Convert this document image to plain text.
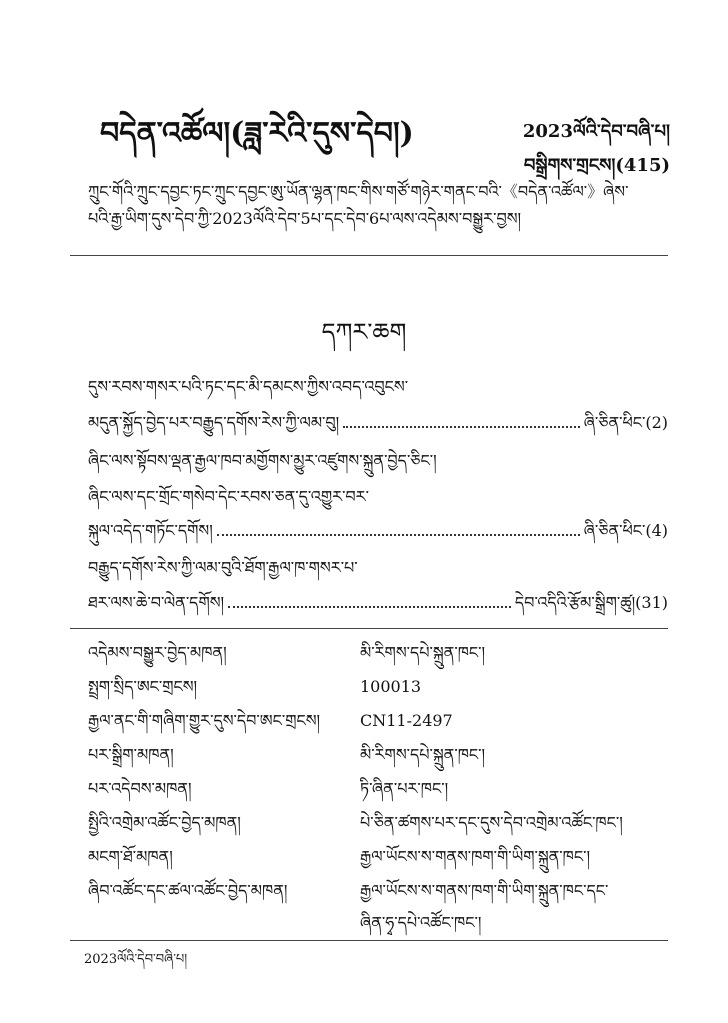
བདེན་འཚོལ།(ཟླ་རེའི་དུས་དེབ།)	2023ལོའི་དེབ་བཞི་པ།
བསྒྲིགས་གྲངས།(415)
ཀྲུང་གོའི་ཀྲུང་དབྱང་ཏང་ཀྲུང་དབྱང་ཨུ་ཡོན་ལྷན་ཁང་གིས་གཙོ་གཉེར་གནང་བའི་《བདེན་འཚོལ་》ཞེས་
པའི་རྒྱ་ཡིག་དུས་དེབ་ཀྱི་2023ལོའི་དེབ་5པ་དང་དེབ་6པ་ལས་འདེམས་བསྒྱུར་བྱས།
དཀར་ཆག
དུས་རབས་གསར་པའི་ཏང་དང་མི་དམངས་ཀྱིས་འབད་འབུངས་
མདུན་སྐྱོད་བྱེད་པར་བརྒྱུད་དགོས་རེས་ཀྱི་ལམ་བུ།	ཞི་ཅིན་ཕིང་ (2)
ཞིང་ལས་སྟོབས་ལྡན་རྒྱལ་ཁབ་མགྱོགས་མྱུར་འཛུགས་སྐྲུན་བྱེད་ཅིང་།
ཞིང་ལས་དང་གྲོང་གསེབ་དེང་རབས་ཅན་དུ་འགྱུར་བར་
སྐུལ་འདེད་གཏོང་དགོས།	ཞི་ཅིན་ཕིང་ (4)
བརྒྱུད་དགོས་རེས་ཀྱི་ལམ་བུའི་ཐོག་རྒྱལ་ཁ་གསར་པ་
ཐར་ལས་ཆེ་བ་ལེན་དགོས།	དེབ་འདིའི་རྩོམ་སྒྲིག་ཚུ། (31)
འདེམས་བསྒྱུར་བྱེད་མཁན།	མི་རིགས་དཔེ་སྐྲུན་ཁང་།
སྤྲག་སྲིད་ཨང་གྲངས།	100013
རྒྱལ་ནང་གི་གཞིག་གྱུར་དུས་དེབ་ཨང་གྲངས། CN11-2497
པར་སྒྲིག་མཁན།	མི་རིགས་དཔེ་སྐྲུན་ཁང་།
པར་འདེབས་མཁན།	ཏི་ཞིན་པར་ཁང་།
སྤྱིའི་འགྲེམ་འཚོང་བྱེད་མཁན།	པེ་ཅིན་ཚགས་པར་དང་དུས་དེབ་འགྲེམ་འཚོང་ཁང་།
མངག་ཐོ་མཁན།	རྒྱལ་ཡོངས་ས་གནས་ཁག་གི་ཡིག་སྐྲུན་ཁང་།
ཞིབ་འཚོང་དང་ཚལ་འཚོང་བྱེད་མཁན།	རྒྱལ་ཡོངས་ས་གནས་ཁག་གི་ཡིག་སྐྲུན་ཁང་དང་
ཞིན་ཧྭ་དཔེ་འཚོང་ཁང་།
2023ལོའི་དེབ་བཞི་པ།
